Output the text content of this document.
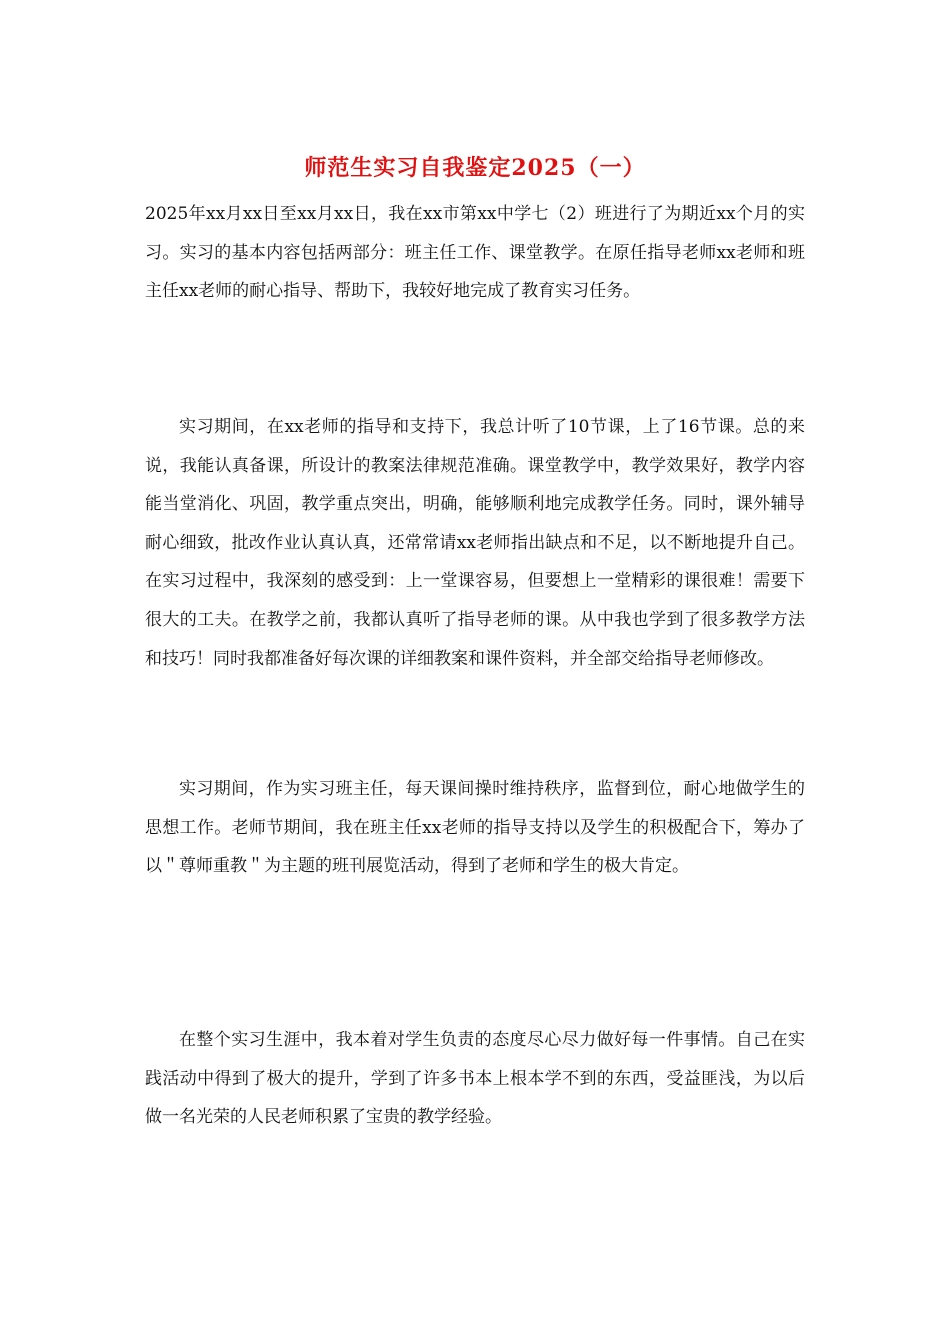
师范生实习自我鉴定2025（一）

2025年xx月xx日至xx月xx日，我在xx市第xx中学七（2）班进行了为期近xx个月的实习。实习的基本内容包括两部分：班主任工作、课堂教学。在原任指导老师xx老师和班主任xx老师的耐心指导、帮助下，我较好地完成了教育实习任务。

实习期间，在xx老师的指导和支持下，我总计听了10节课，上了16节课。总的来说，我能认真备课，所设计的教案法律规范准确。课堂教学中，教学效果好，教学内容能当堂消化、巩固，教学重点突出，明确，能够顺利地完成教学任务。同时，课外辅导耐心细致，批改作业认真认真，还常常请xx老师指出缺点和不足，以不断地提升自己。在实习过程中，我深刻的感受到：上一堂课容易，但要想上一堂精彩的课很难！需要下很大的工夫。在教学之前，我都认真听了指导老师的课。从中我也学到了很多教学方法和技巧！同时我都准备好每次课的详细教案和课件资料，并全部交给指导老师修改。

实习期间，作为实习班主任，每天课间操时维持秩序，监督到位，耐心地做学生的思想工作。老师节期间，我在班主任xx老师的指导支持以及学生的积极配合下，筹办了以＂尊师重教＂为主题的班刊展览活动，得到了老师和学生的极大肯定。

在整个实习生涯中，我本着对学生负责的态度尽心尽力做好每一件事情。自己在实践活动中得到了极大的提升，学到了许多书本上根本学不到的东西，受益匪浅，为以后做一名光荣的人民老师积累了宝贵的教学经验。
